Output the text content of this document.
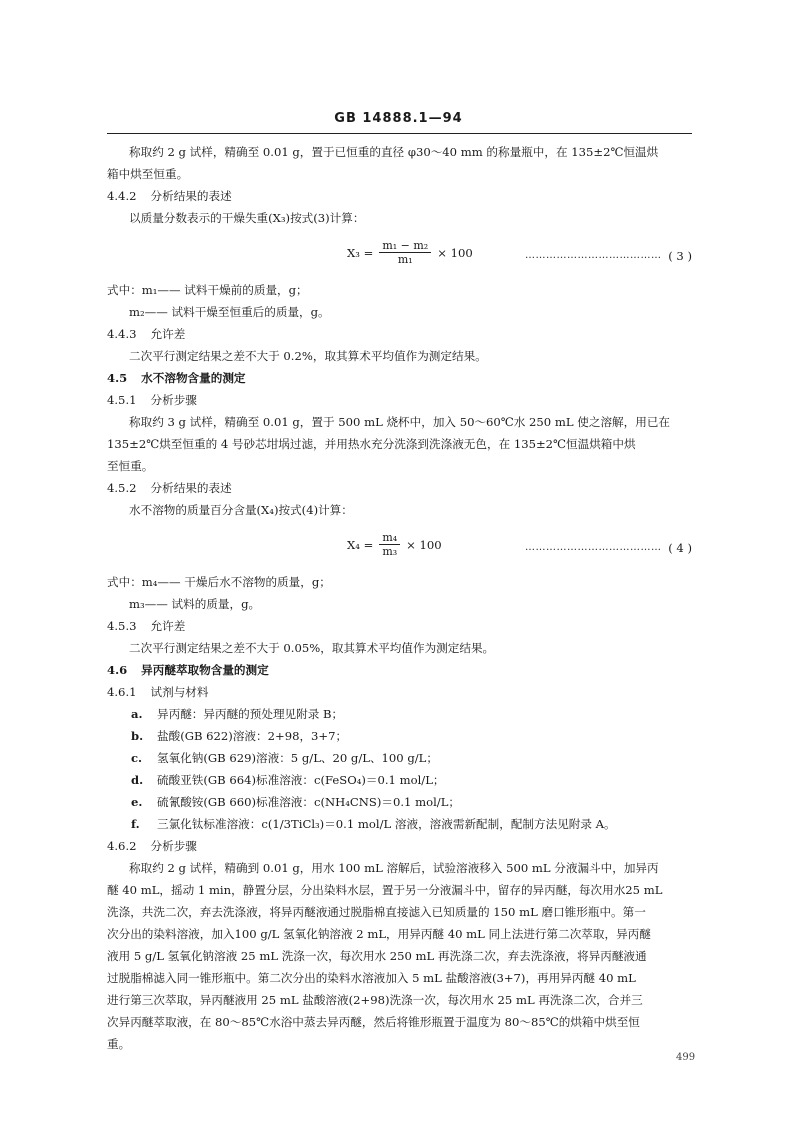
GB 14888.1—94
称取约 2 g 试样，精确至 0.01 g，置于已恒重的直径 φ30～40 mm 的称量瓶中，在 135±2℃恒温烘
箱中烘至恒重。
4.4.2 分析结果的表述
以质量分数表示的干燥失重(X₃)按式(3)计算：
$X_3 = \frac{\text{m₁ − m₂}}{\text{m₁}} \times 100$	………………………………… ( 3 )
式中：m₁—— 试料干燥前的质量，g；
m₂—— 试料干燥至恒重后的质量，g。
4.4.3 允许差
二次平行测定结果之差不大于 0.2%，取其算术平均值作为测定结果。
4.5 水不溶物含量的测定
4.5.1 分析步骤
称取约 3 g 试样，精确至 0.01 g，置于 500 mL 烧杯中，加入 50～60℃水 250 mL 使之溶解，用已在
135±2℃烘至恒重的 4 号砂芯坩埚过滤，并用热水充分洗涤到洗涤液无色，在 135±2℃恒温烘箱中烘
至恒重。
4.5.2 分析结果的表述
水不溶物的质量百分含量(X₄)按式(4)计算：
$X_4 = \frac{\text{m₄}}{\text{m₃}} \times 100$	………………………………… ( 4 )
式中：m₄—— 干燥后水不溶物的质量，g；
m₃—— 试料的质量，g。
4.5.3 允许差
二次平行测定结果之差不大于 0.05%，取其算术平均值作为测定结果。
4.6 异丙醚萃取物含量的测定
4.6.1 试剂与材料
a. 异丙醚：异丙醚的预处理见附录 B；
b. 盐酸(GB 622)溶液：2+98，3+7；
c. 氢氧化钠(GB 629)溶液：5 g/L、20 g/L、100 g/L；
d. 硫酸亚铁(GB 664)标准溶液：c(FeSO₄)＝0.1 mol/L；
e. 硫氰酸铵(GB 660)标准溶液：c(NH₄CNS)＝0.1 mol/L；
f. 三氯化钛标准溶液：c(1/3TiCl₃)＝0.1 mol/L 溶液，溶液需新配制，配制方法见附录 A。
4.6.2 分析步骤
称取约 2 g 试样，精确到 0.01 g，用水 100 mL 溶解后，试验溶液移入 500 mL 分液漏斗中，加异丙
醚 40 mL，摇动 1 min，静置分层，分出染料水层，置于另一分液漏斗中，留存的异丙醚，每次用水25 mL
洗涤，共洗二次，弃去洗涤液，将异丙醚液通过脱脂棉直接滤入已知质量的 150 mL 磨口锥形瓶中。第一
次分出的染料溶液，加入100 g/L 氢氧化钠溶液 2 mL，用异丙醚 40 mL 同上法进行第二次萃取，异丙醚
液用 5 g/L 氢氧化钠溶液 25 mL 洗涤一次，每次用水 250 mL 再洗涤二次，弃去洗涤液，将异丙醚液通
过脱脂棉滤入同一锥形瓶中。第二次分出的染料水溶液加入 5 mL 盐酸溶液(3+7)，再用异丙醚 40 mL
进行第三次萃取，异丙醚液用 25 mL 盐酸溶液(2+98)洗涤一次，每次用水 25 mL 再洗涤二次，合并三
次异丙醚萃取液，在 80～85℃水浴中蒸去异丙醚，然后将锥形瓶置于温度为 80～85℃的烘箱中烘至恒
重。
499
